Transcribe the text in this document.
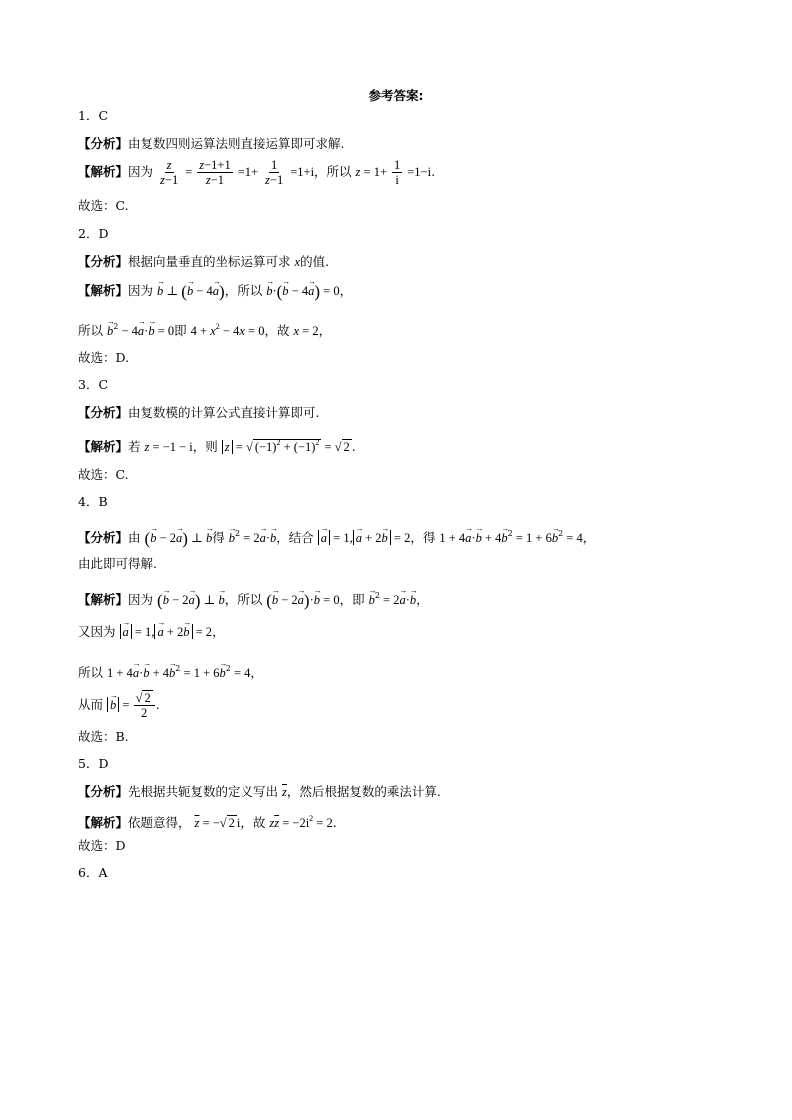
参考答案:
1．C
【分析】由复数四则运算法则直接运算即可求解.
【解析】因为 $\frac{z}{z-1} = \frac{z-1+1}{z-1} =1+ \frac{1}{z-1} =1+i$，所以 $z = 1+ \frac{1}{i} =1-i$.
故选：C.
2．D
【分析】根据向量垂直的坐标运算可求 x的值.
【解析】因为 → b ⊥ (→ b − 4→ a)，所以 → b·(→ b − 4→ a) = 0，
所以 → $b^2 - 4\to a\cdot\to b = 0$即 $4 + x^2 - 4x = 0$，故 x = 2，
故选：D.
3．C
【分析】由复数模的计算公式直接计算即可.
【解析】若 z = −1 − i，则 z = √ $(-1)^2 + (-1)^2$ = √ 2 .
故选：C.
4．B
【分析】由 (→ b − 2→ a) ⊥ → b得 → $b^2 = 2\to a\cdot\to b$，结合 → a = 1, → a + 2→ b = 2，得 $1 + 4\to a\cdot\to b + 4\to b^2 = 1 + 6\to b^2 = 4$，
由此即可得解.
【解析】因为 (→ b − 2→ a) ⊥ → b，所以 (→ b − 2→ a)·→ b = 0，即 → $b^2 = 2\to a\cdot\to b$，
又因为 → a = 1, → a + 2→ b = 2，
所以 $1 + 4\to a\cdot\to b + 4\to b^2 = 1 + 6\to b^2 = 4$，
从而 → $b = \frac{√ 2}{2}$ .
故选：B.
5．D
【分析】先根据共轭复数的定义写出 $\overline{z}$，然后根据复数的乘法计算.
【解析】依题意得， $\overline{z}$ = −√ 2 i，故 $z\overline{z} = -2i^2 = 2$.
故选：D
6．A
